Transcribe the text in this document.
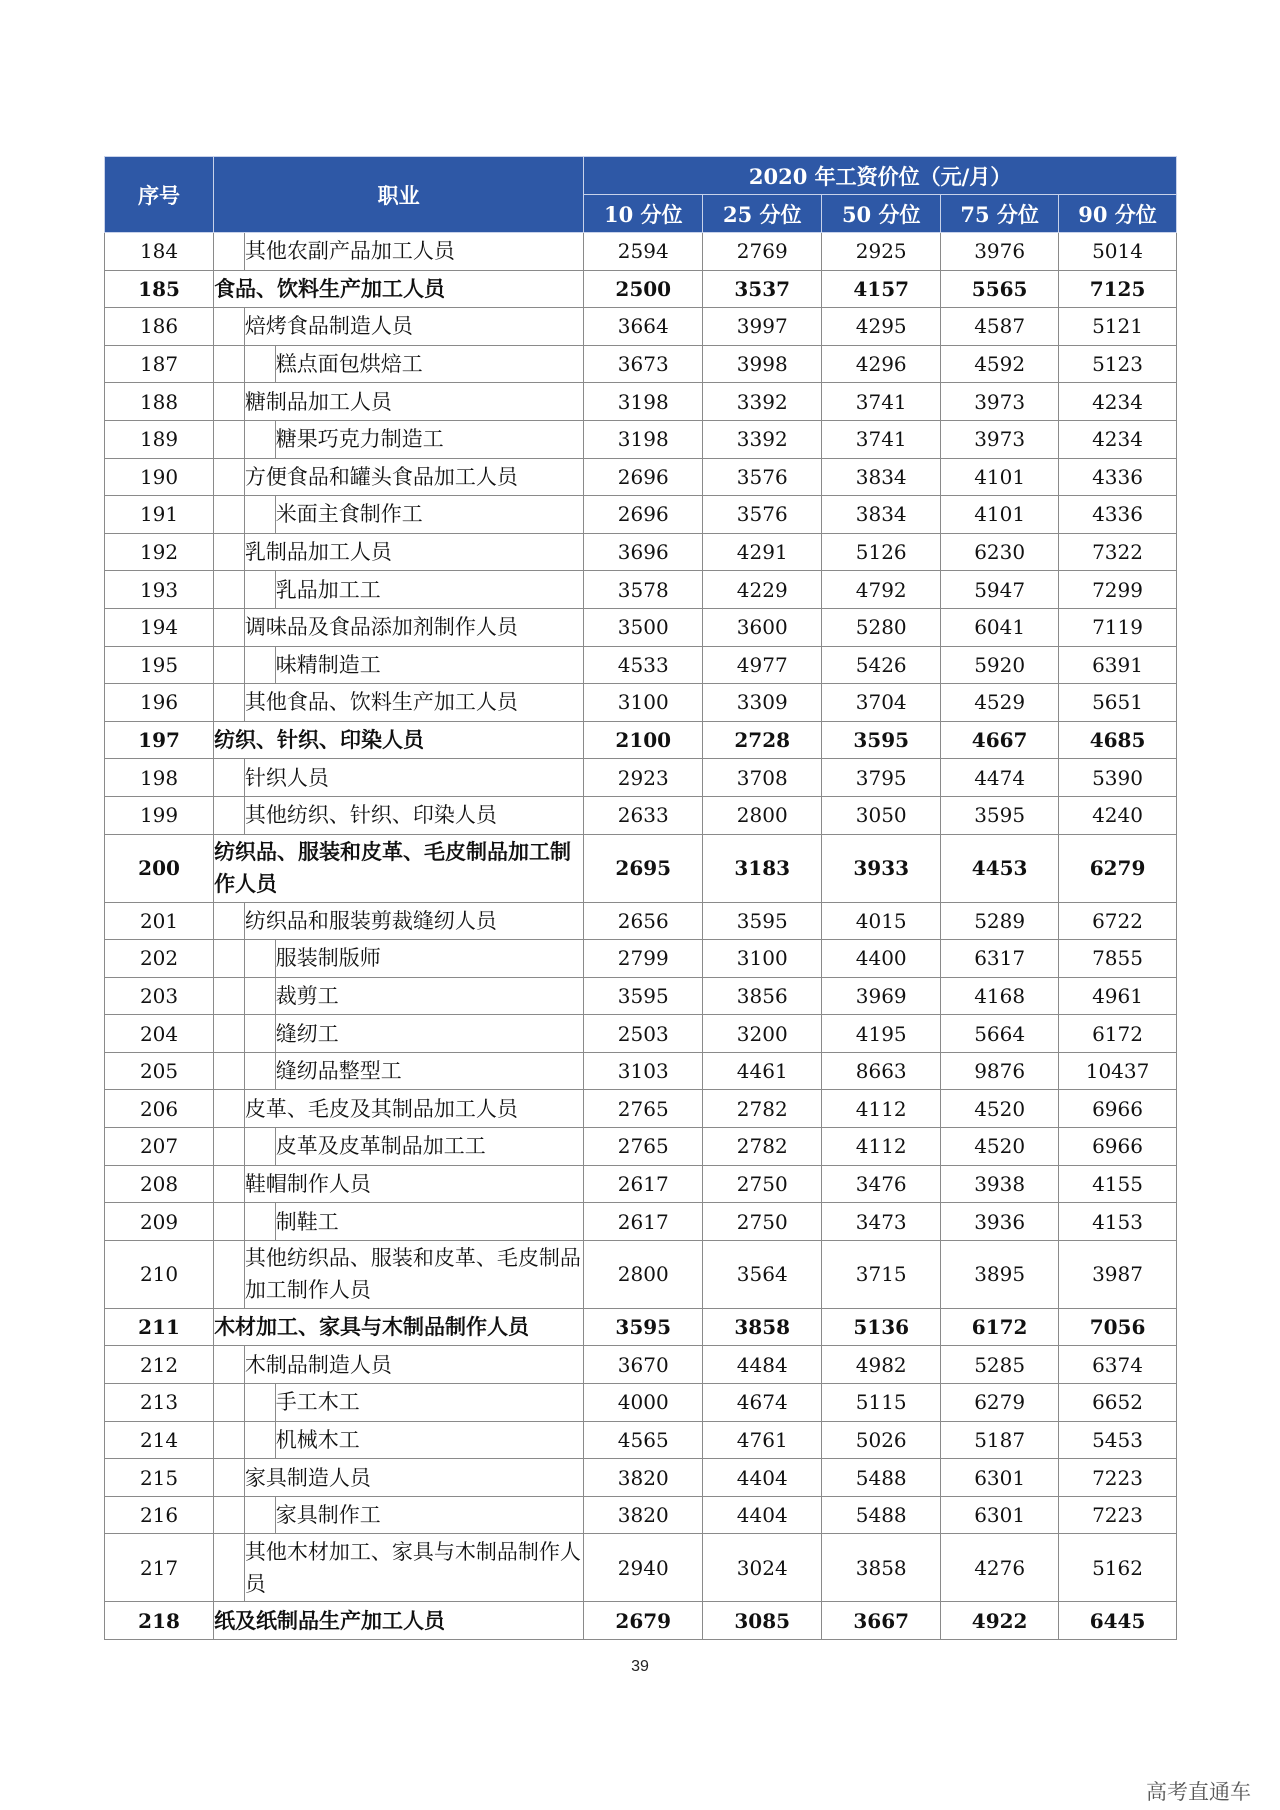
序号	职业			2020 年工资价位（元/月）				
				10 分位	25 分位	50 分位	75 分位	90 分位
184		其他农副产品加工人员		2594	2769	2925	3976	5014
185	食品、饮料生产加工人员			2500	3537	4157	5565	7125
186		焙烤食品制造人员		3664	3997	4295	4587	5121
187			糕点面包烘焙工	3673	3998	4296	4592	5123
188		糖制品加工人员		3198	3392	3741	3973	4234
189			糖果巧克力制造工	3198	3392	3741	3973	4234
190		方便食品和罐头食品加工人员		2696	3576	3834	4101	4336
191			米面主食制作工	2696	3576	3834	4101	4336
192		乳制品加工人员		3696	4291	5126	6230	7322
193			乳品加工工	3578	4229	4792	5947	7299
194		调味品及食品添加剂制作人员		3500	3600	5280	6041	7119
195			味精制造工	4533	4977	5426	5920	6391
196		其他食品、饮料生产加工人员		3100	3309	3704	4529	5651
197	纺织、针织、印染人员			2100	2728	3595	4667	4685
198		针织人员		2923	3708	3795	4474	5390
199		其他纺织、针织、印染人员		2633	2800	3050	3595	4240
200	纺织品、服装和皮革、毛皮制品加工制作人员			2695	3183	3933	4453	6279
201		纺织品和服装剪裁缝纫人员		2656	3595	4015	5289	6722
202			服装制版师	2799	3100	4400	6317	7855
203			裁剪工	3595	3856	3969	4168	4961
204			缝纫工	2503	3200	4195	5664	6172
205			缝纫品整型工	3103	4461	8663	9876	10437
206		皮革、毛皮及其制品加工人员		2765	2782	4112	4520	6966
207			皮革及皮革制品加工工	2765	2782	4112	4520	6966
208		鞋帽制作人员		2617	2750	3476	3938	4155
209			制鞋工	2617	2750	3473	3936	4153
210		其他纺织品、服装和皮革、毛皮制品加工制作人员		2800	3564	3715	3895	3987
211	木材加工、家具与木制品制作人员			3595	3858	5136	6172	7056
212		木制品制造人员		3670	4484	4982	5285	6374
213			手工木工	4000	4674	5115	6279	6652
214			机械木工	4565	4761	5026	5187	5453
215		家具制造人员		3820	4404	5488	6301	7223
216			家具制作工	3820	4404	5488	6301	7223
217		其他木材加工、家具与木制品制作人员		2940	3024	3858	4276	5162
218	纸及纸制品生产加工人员			2679	3085	3667	4922	6445
39
高考直通车
